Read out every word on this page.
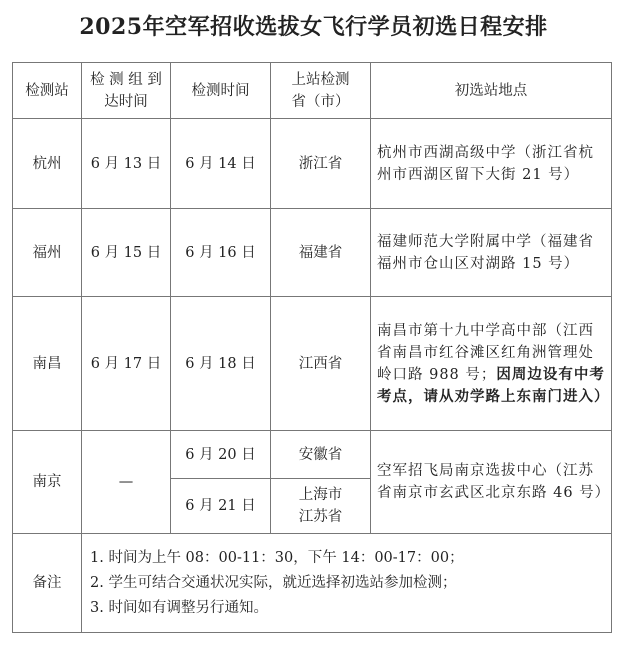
2025年空军招收选拔女飞行学员初选日程安排
检测站	检 测 组 到达时间	检测时间	上站检测 省（市）	初选站地点
杭州	6 月 13 日	6 月 14 日	浙江省	杭州市西湖高级中学（浙江省杭州市西湖区留下大街 21 号）
福州	6 月 15 日	6 月 16 日	福建省	福建师范大学附属中学（福建省福州市仓山区对湖路 15 号）
南昌	6 月 17 日	6 月 18 日	江西省	南昌市第十九中学高中部（江西省南昌市红谷滩区红角洲管理处岭口路 988 号；因周边设有中考考点，请从劝学路上东南门进入）
南京	—	6 月 20 日	安徽省	空军招飞局南京选拔中心（江苏省南京市玄武区北京东路 46 号）
		6 月 21 日	上海市 江苏省	
备注	1. 时间为上午 08：00-11：30，下午 14：00-17：00；
2. 学生可结合交通状况实际，就近选择初选站参加检测；
3. 时间如有调整另行通知。			
